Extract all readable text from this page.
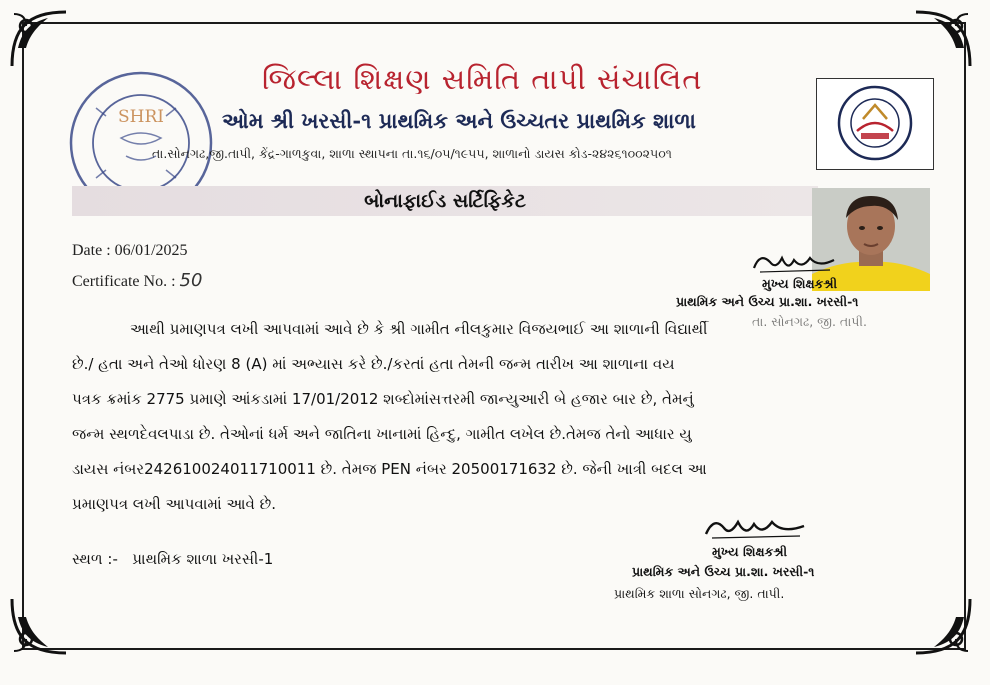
SHRI
જિલ્લા શિક્ષણ સમિતિ તાપી સંચાલિત
ઓમ શ્રી ખરસી-૧ પ્રાથમિક અને ઉચ્ચતર પ્રાથમિક શાળા
તા.સોનગઢ,જી.તાપી, કેંદ્ર-ગાળકુવા, શાળા સ્થાપના તા.૧૬/૦૫/૧૯૫૫, શાળાનો ડાયસ કોડ-૨૪૨૬૧૦૦૨૫૦૧
બોનાફાઈડ સર્ટિફિકેટ
Date : 06/01/2025
Certificate No. : 50	મુખ્ય શિક્ષકશ્રી
પ્રાથમિક અને ઉચ્ચ પ્રા.શા. ખરસી-૧
તા. સોનગઢ, જી. તાપી.

આથી પ્રમાણપત્ર લખી આપવામાં આવે છે કે શ્રી ગામીત નીલકુમાર વિજયભાઈ આ શાળાની વિદ્યાર્થી

છે./ હતા અને તેઓ ધોરણ 8 (A) માં અભ્યાસ કરે છે./કરતાં હતા તેમની જન્મ તારીખ આ શાળાના વય

પત્રક ક્રમાંક 2775 પ્રમાણે આંકડામાં 17/01/2012 શબ્દોમાંસત્તરમી જાન્યુઆરી બે હજાર બાર છે, તેમનું

જન્મ સ્થળદેવલપાડા છે. તેઓનાં ધર્મ અને જાતિના ખાનામાં હિન્દુ, ગામીત લખેલ છે.તેમજ તેનો આધાર યુ

ડાયસ નંબર242610024011710011 છે. તેમજ PEN નંબર 20500171632 છે. જેની ખાત્રી બદલ આ

પ્રમાણપત્ર લખી આપવામાં આવે છે.

સ્થળ :- પ્રાથમિક શાળા ખરસી-1	મુખ્ય શિક્ષકશ્રી
પ્રાથમિક અને ઉચ્ચ પ્રા.શા. ખરસી-૧
પ્રાથમિક શાળા સોનગઢ, જી. તાપી.
